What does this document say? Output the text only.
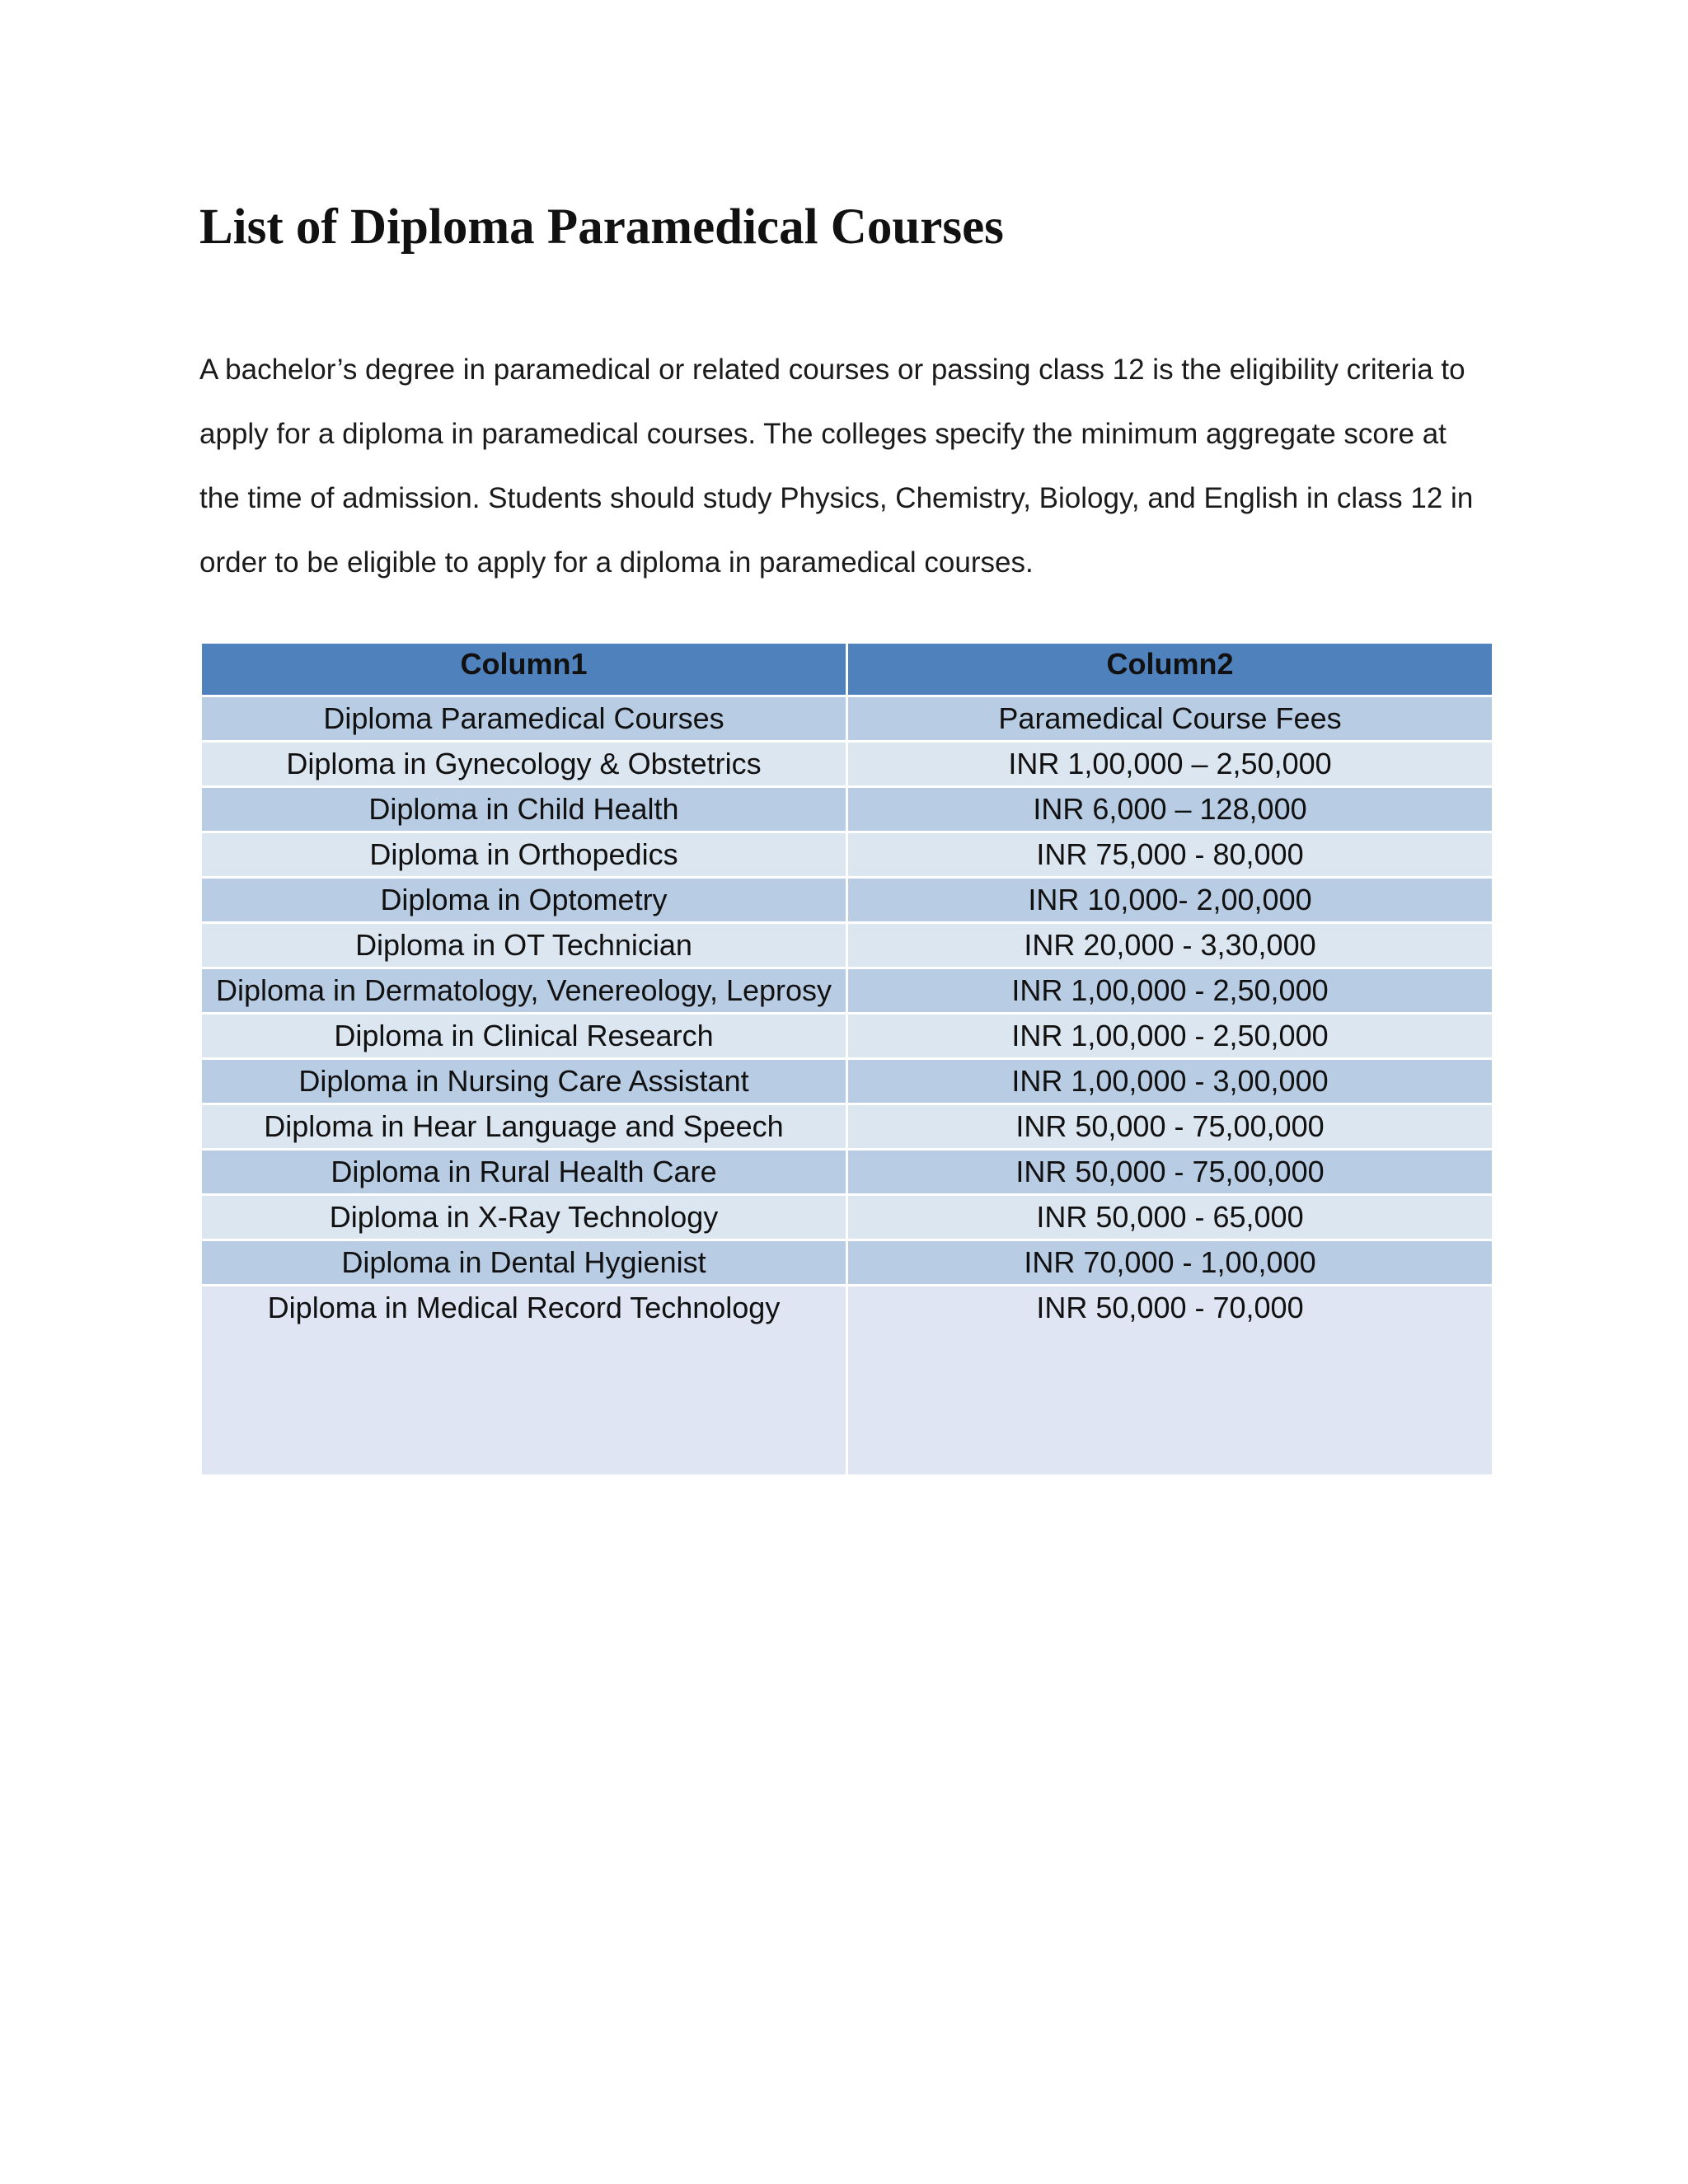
List of Diploma Paramedical Courses

A bachelor’s degree in paramedical or related courses or passing class 12 is the eligibility criteria to
apply for a diploma in paramedical courses. The colleges specify the minimum aggregate score at
the time of admission. Students should study Physics, Chemistry, Biology, and English in class 12 in
order to be eligible to apply for a diploma in paramedical courses.

Column1	Column2
Diploma Paramedical Courses	Paramedical Course Fees
Diploma in Gynecology & Obstetrics	INR 1,00,000 – 2,50,000
Diploma in Child Health	INR 6,000 – 128,000
Diploma in Orthopedics	INR 75,000 - 80,000
Diploma in Optometry	INR 10,000- 2,00,000
Diploma in OT Technician	INR 20,000 - 3,30,000
Diploma in Dermatology, Venereology, Leprosy	INR 1,00,000 - 2,50,000
Diploma in Clinical Research	INR 1,00,000 - 2,50,000
Diploma in Nursing Care Assistant	INR 1,00,000 - 3,00,000
Diploma in Hear Language and Speech	INR 50,000 - 75,00,000
Diploma in Rural Health Care	INR 50,000 - 75,00,000
Diploma in X-Ray Technology	INR 50,000 - 65,000
Diploma in Dental Hygienist	INR 70,000 - 1,00,000
Diploma in Medical Record Technology	INR 50,000 - 70,000
